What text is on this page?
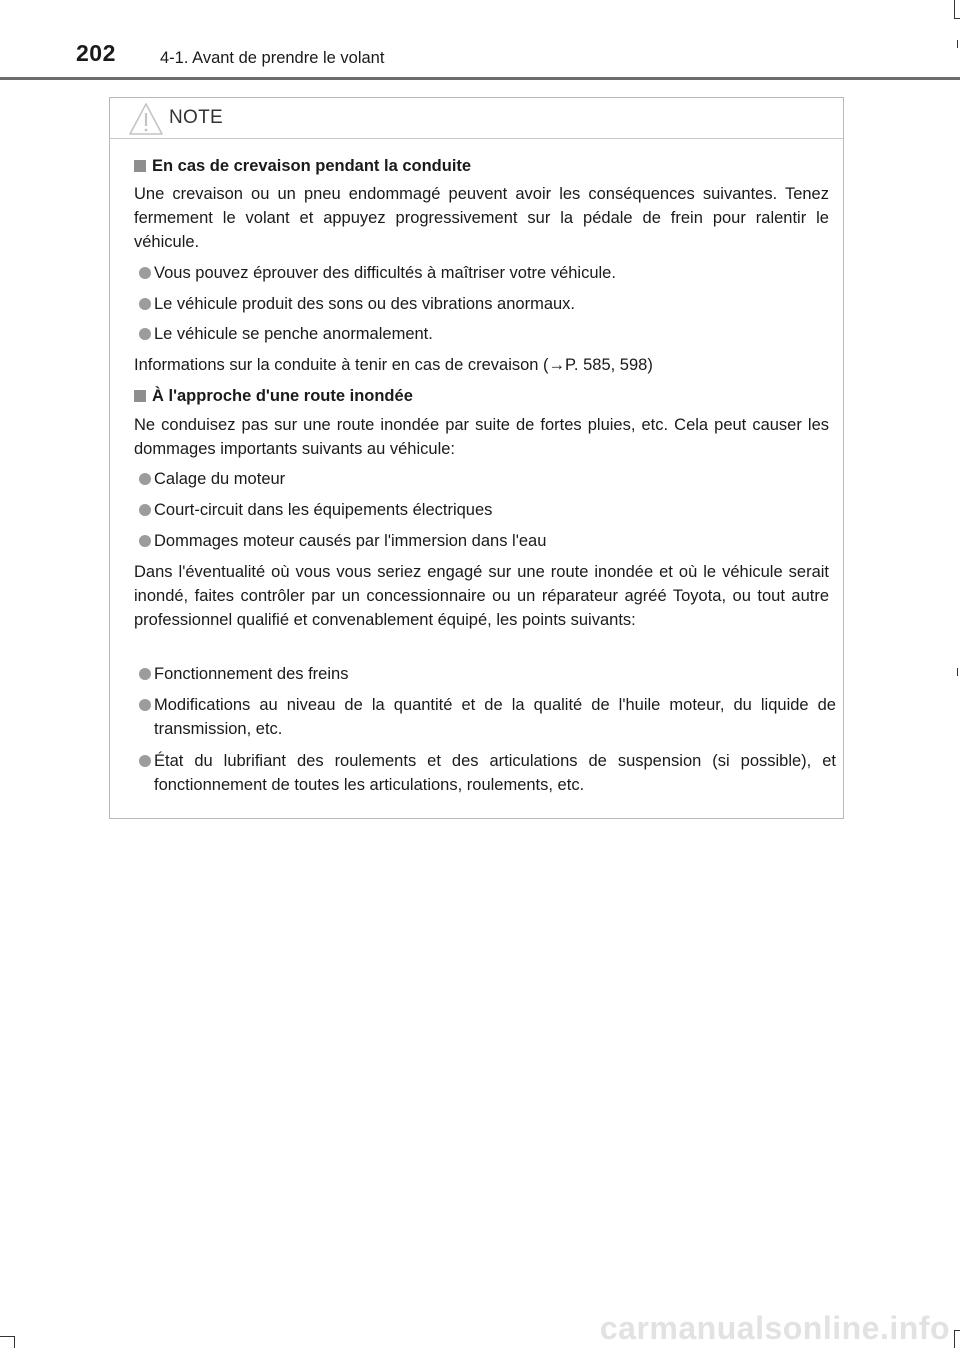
202	4-1. Avant de prendre le volant
NOTE
En cas de crevaison pendant la conduite
Une crevaison ou un pneu endommagé peuvent avoir les conséquences suivantes. Tenez fermement le volant et appuyez progressivement sur la pédale de frein pour ralentir le véhicule.
Vous pouvez éprouver des difficultés à maîtriser votre véhicule.
Le véhicule produit des sons ou des vibrations anormaux.
Le véhicule se penche anormalement.
Informations sur la conduite à tenir en cas de crevaison (→P. 585, 598)
À l'approche d'une route inondée
Ne conduisez pas sur une route inondée par suite de fortes pluies, etc. Cela peut causer les dommages importants suivants au véhicule:
Calage du moteur
Court-circuit dans les équipements électriques
Dommages moteur causés par l'immersion dans l'eau
Dans l'éventualité où vous vous seriez engagé sur une route inondée et où le véhicule serait inondé, faites contrôler par un concessionnaire ou un réparateur agréé Toyota, ou tout autre professionnel qualifié et convenablement équipé, les points suivants:
Fonctionnement des freins
Modifications au niveau de la quantité et de la qualité de l'huile moteur, du liquide de transmission, etc.
État du lubrifiant des roulements et des articulations de suspension (si possible), et fonctionnement de toutes les articulations, roulements, etc.
carmanualsonline.info
